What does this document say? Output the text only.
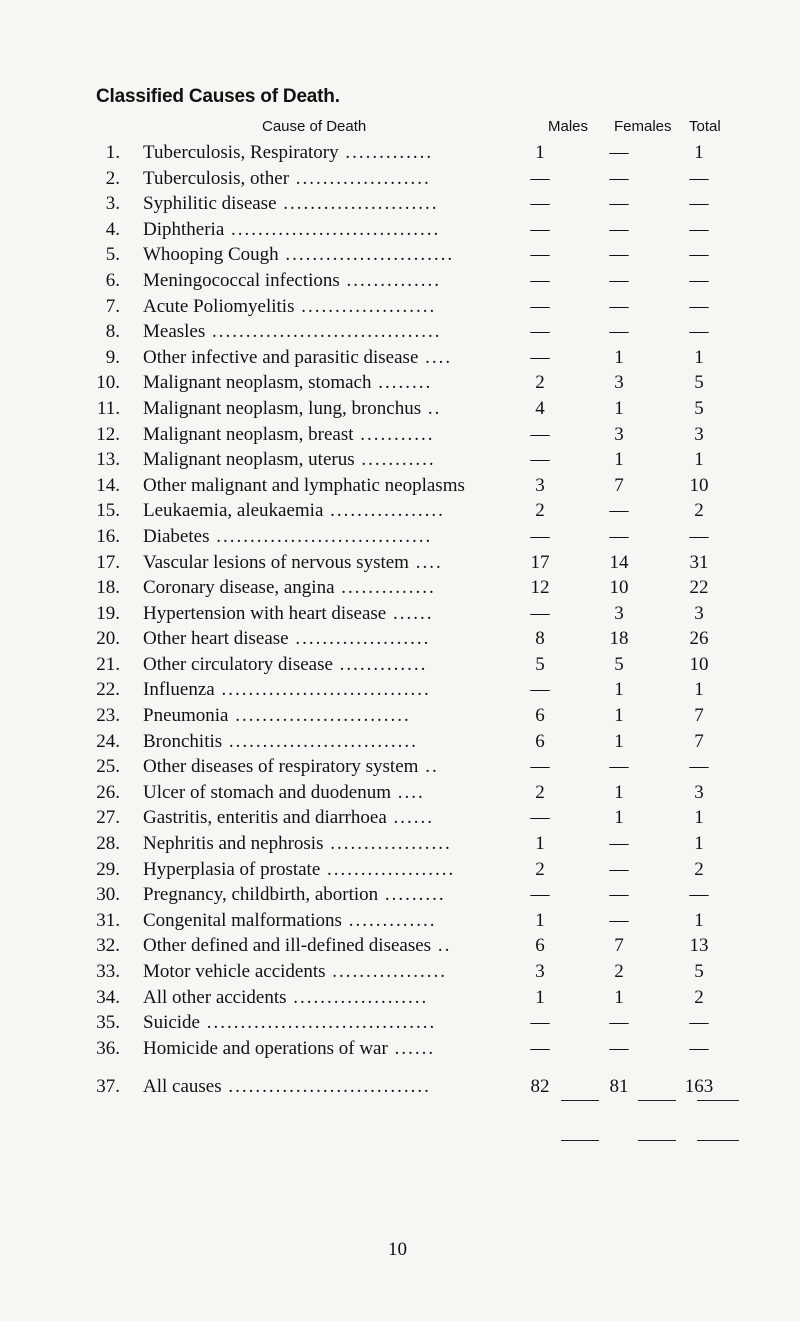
Classified Causes of Death.
Cause of Death	Males Females Total
1. Tuberculosis, Respiratory .............	1	—	1
2. Tuberculosis, other ....................	—	—	—
3. Syphilitic disease .......................	—	—	—
4. Diphtheria ...............................	—	—	—
5. Whooping Cough .........................	—	—	—
6. Meningococcal infections ..............	—	—	—
7. Acute Poliomyelitis ....................	—	—	—
8. Measles ..................................	—	—	—
9. Other infective and parasitic disease ....	—	1	1
10. Malignant neoplasm, stomach ........	2	3	5
11. Malignant neoplasm, lung, bronchus ..	4	1	5
12. Malignant neoplasm, breast ...........	—	3	3
13. Malignant neoplasm, uterus ...........	—	1	1
14. Other malignant and lymphatic neoplasms	3	7	10
15. Leukaemia, aleukaemia .................	2	—	2
16. Diabetes ................................	—	—	—
17. Vascular lesions of nervous system ....	17	14	31
18. Coronary disease, angina ..............	12	10	22
19. Hypertension with heart disease ......	—	3	3
20. Other heart disease ....................	8	18	26
21. Other circulatory disease .............	5	5	10
22. Influenza ...............................	—	1	1
23. Pneumonia ..........................	6	1	7
24. Bronchitis ............................	6	1	7
25. Other diseases of respiratory system ..	—	—	—
26. Ulcer of stomach and duodenum ....	2	1	3
27. Gastritis, enteritis and diarrhoea ......	—	1	1
28. Nephritis and nephrosis ..................	1	—	1
29. Hyperplasia of prostate ...................	2	—	2
30. Pregnancy, childbirth, abortion .........	—	—	—
31. Congenital malformations .............	1	—	1
32. Other defined and ill-defined diseases ..	6	7	13
33. Motor vehicle accidents .................	3	2	5
34. All other accidents ....................	1	1	2
35. Suicide ..................................	—	—	—
36. Homicide and operations of war ......	—	—	—
37. All causes ..............................	82	81	163
10
